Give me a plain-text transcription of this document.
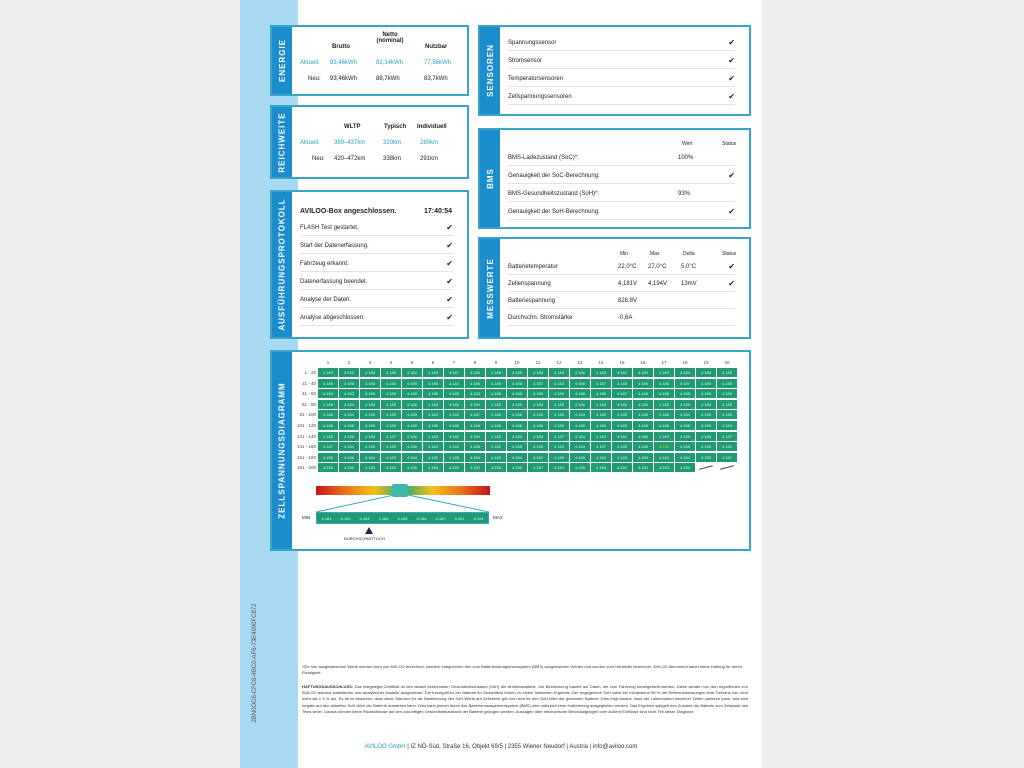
ENERGIE	Brutto
Netto (nominal)
Nutzbar
Aktuell: 93,46kWh	82,14kWh	77,56kWh
Neu: 93,46kWh	88,7kWh	83,7kWh
REICHWEITE	WLTP	Typisch Individuell
Aktuell: 389–437km	320km	280km
Neu: 420–472km	338km	291km
AUSFÜHRUNGSPROTOKOLL AVILOO-Box angeschlossen.	17:40:54
FLASH Test gestartet.	✔
Start der Datenerfassung.	✔
Fahrzeug erkannt.	✔
Datenerfassung beendet.	✔
Analyse der Daten.	✔
Analyse abgeschlossen.	✔
SENSOREN
Spannungssensor	✔
Stromsensor	✔
Temperatursensoren	✔
Zellspannungssensoren	✔
BMS
Wert	Status
BMS-Ladezustand (SoC)*:	100%
Genauigkeit der SoC-Berechnung:	✔
BMS-Gesundheitszustand (SoH)*:	93%
Genauigkeit der SoH-Berechnung:	✔
MESSWERTE
Min	Max	Delta	Status
Batterietemperatur	22,0°C	27,0°C	5,0°C	✔
Zellenspannung	4,181V	4,194V	13mV	✔
Batteriespannung	828,8V
Durchschn. Stromstärke	-0,6A
ZELLSPANNUNGSDIAGRAMM
1	2	3	4	5	6	7	8	9	10	11	12	13	14	15	16	17	18	19	20
1 - 20	4.184	4.192	4.185	4.186	4.184	4.183	4.187	4.185	4.186	4.185	4.185	4.184	4.186	4.185	4.182	4.183	4.184	4.184	4.186	4.185
21 - 40	4.185	4.186	4.186	4.186	4.185	4.186	4.184	4.185	4.185	4.186	4.187	4.183	4.186	4.187	4.185	4.185	4.186	4.187	4.185	4.185
41 - 60	4.184	4.183	4.185	4.186	4.185	4.185	4.185	4.183	4.185	4.185	4.185	4.186	4.186	4.185	4.187	4.185	4.186	4.185	4.185	4.186
61 - 80	4.186	4.184	4.185	4.185	4.185	4.186	4.186	4.184	4.185	4.185	4.185	4.185	4.186	4.186	4.186	4.185	4.185	4.185	4.185	4.185
81 - 100	4.186	4.184	4.185	4.185	4.185	4.184	4.184	4.187	4.186	4.186	4.186	4.186	4.184	4.185	4.185	4.185	4.186	4.184	4.185	4.186
101 - 120	4.185	4.186	4.185	4.186	4.185	4.185	4.186	4.186	4.185	4.186	4.186	4.185	4.185	4.184	4.185	4.185	4.185	4.186	4.185	4.184
121 - 140	4.185	4.186	4.185	4.187	4.186	4.185	4.185	4.184	4.185	4.184	4.184	4.187	4.184	4.184	4.184	4.186	4.184	4.185	4.183	4.187
141 - 160	4.187	4.184	4.185	4.185	4.186	4.184	4.184	4.186	4.185	4.185	4.185	4.183	4.184	4.187	4.185	4.185	4.194	4.185	4.185	4.182
161 - 180	4.186	4.186	4.184	4.183	4.184	4.185	4.185	4.184	4.183	4.184	4.181	4.185	4.185	4.184	4.183	4.184	4.184	4.184	4.183	4.187
181 - 200	4.186	4.185	4.185	4.183	4.186	4.185	4.185	4.183	4.185	4.185	4.187	4.184	4.185	4.185	4.184	4.184	4.183	4.184
MIN	MAX
4.181 4.183 4.184 4.185 4.185 4.186 4.187 4.191 4.194
DURCHSCHNITTLICH
2BN0OC6-CFC6-4BC0-AF6-73E4990FC872	*Die hier ausgewiesenen Werte wurden nicht von AVILOO berechnet, sondern entsprechen den vom Batteriemanagementsystem (BMS) ausgelesenen Werten und wurden vom Hersteller berechnet. AVILOO übernimmt daher keine Haftung für deren Richtigkeit.
HAFTUNGSAUSSCHLUSS: Das festgelegte Zertifikat ist den aktuell berechneten Gesundheitszustand (SoH) der Antriebsbatterie. Die Bestimmung basiert auf Daten, die vom Fahrzeug bereitgestellt werden. Diese werden von den Algorithmen von AVILOO anhand statistischer und analytischer Modelle ausgewertet. Die Kenngrößen der Batterie im Gesamtbild führen zu einem faktischen Ergebnis. Der angegebene SoH weist bei mindestens 95 % der Referenzmessungen eine Toleranz von nicht mehr als ± 5 % auf. Es ist zu beachten, dass diese Toleranz für die Bestimmung des SoH-Werts auf Zellebene gilt und nicht für den SoH-Wert der gesamten Batterie. Dies folgt daraus, dass der Ladezustand einzelner Zellen variieren kann, was sich negativ auf den aktuellen SoH-Wert der Batterie auswirken kann. Dies kann jedoch durch das Batteriemanagementsystem (BMS) oder während einer Kalibrierung ausgeglichen werden. Das Ergebnis spiegelt den Zustand der Batterie zum Zeitpunkt des Tests wider. Daraus können keine Rückschlüsse auf den zukünftigen Gesundheitszustand der Batterie gezogen werden. Aussagen über mechanische Beschädigungen oder äußere Einflüsse sind nicht Teil dieser Diagnose.
AVILOO GmbH | IZ NÖ-Süd, Straße 16, Objekt 69/5 | 2355 Wiener Neudorf | Austria | info@aviloo.com
